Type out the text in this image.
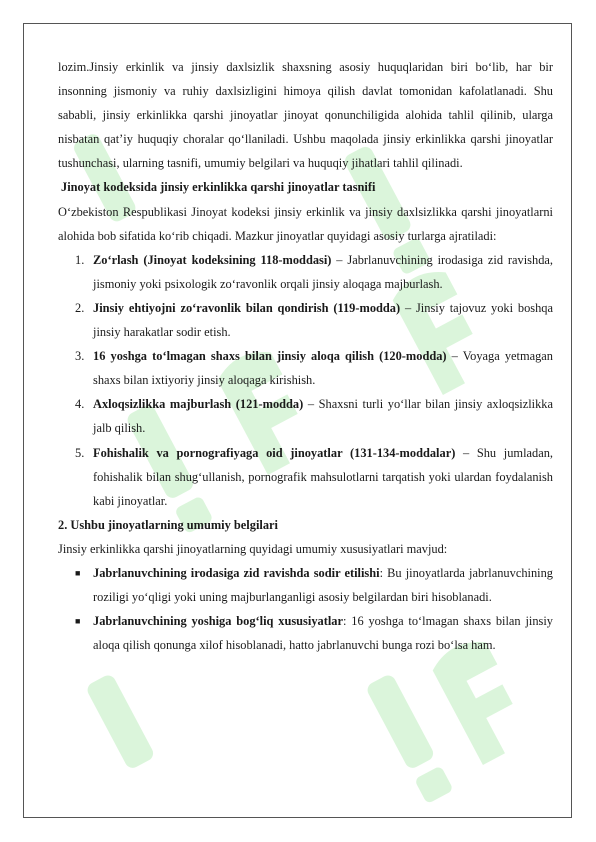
lozim.Jinsiy erkinlik va jinsiy daxlsizlik shaxsning asosiy huquqlaridan biri bo‘lib, har bir insonning jismoniy va ruhiy daxlsizligini himoya qilish davlat tomonidan kafolatlanadi. Shu sababli, jinsiy erkinlikka qarshi jinoyatlar jinoyat qonunchiligida alohida tahlil qilinib, ularga nisbatan qat’iy huquqiy choralar qo‘llaniladi. Ushbu maqolada jinsiy erkinlikka qarshi jinoyatlar tushunchasi, ularning tasnifi, umumiy belgilari va huquqiy jihatlari tahlil qilinadi.

Jinoyat kodeksida jinsiy erkinlikka qarshi jinoyatlar tasnifi

O‘zbekiston Respublikasi Jinoyat kodeksi jinsiy erkinlik va jinsiy daxlsizlikka qarshi jinoyatlarni alohida bob sifatida ko‘rib chiqadi. Mazkur jinoyatlar quyidagi asosiy turlarga ajratiladi:

1. Zo‘rlash (Jinoyat kodeksining 118-moddasi) – Jabrlanuvchining irodasiga zid ravishda, jismoniy yoki psixologik zo‘ravonlik orqali jinsiy aloqaga majburlash.
2. Jinsiy ehtiyojni zo‘ravonlik bilan qondirish (119-modda) – Jinsiy tajovuz yoki boshqa jinsiy harakatlar sodir etish.
3. 16 yoshga to‘lmagan shaxs bilan jinsiy aloqa qilish (120-modda) – Voyaga yetmagan shaxs bilan ixtiyoriy jinsiy aloqaga kirishish.
4. Axloqsizlikka majburlash (121-modda) – Shaxsni turli yo‘llar bilan jinsiy axloqsizlikka jalb qilish.
5. Fohishalik va pornografiyaga oid jinoyatlar (131-134-moddalar) – Shu jumladan, fohishalik bilan shug‘ullanish, pornografik mahsulotlarni tarqatish yoki ulardan foydalanish kabi jinoyatlar.

2. Ushbu jinoyatlarning umumiy belgilari

Jinsiy erkinlikka qarshi jinoyatlarning quyidagi umumiy xususiyatlari mavjud:

■ Jabrlanuvchining irodasiga zid ravishda sodir etilishi: Bu jinoyatlarda jabrlanuvchining roziligi yo‘qligi yoki uning majburlanganligi asosiy belgilardan biri hisoblanadi.
■ Jabrlanuvchining yoshiga bog‘liq xususiyatlar: 16 yoshga to‘lmagan shaxs bilan jinsiy aloqa qilish qonunga xilof hisoblanadi, hatto jabrlanuvchi bunga rozi bo‘lsa ham.
